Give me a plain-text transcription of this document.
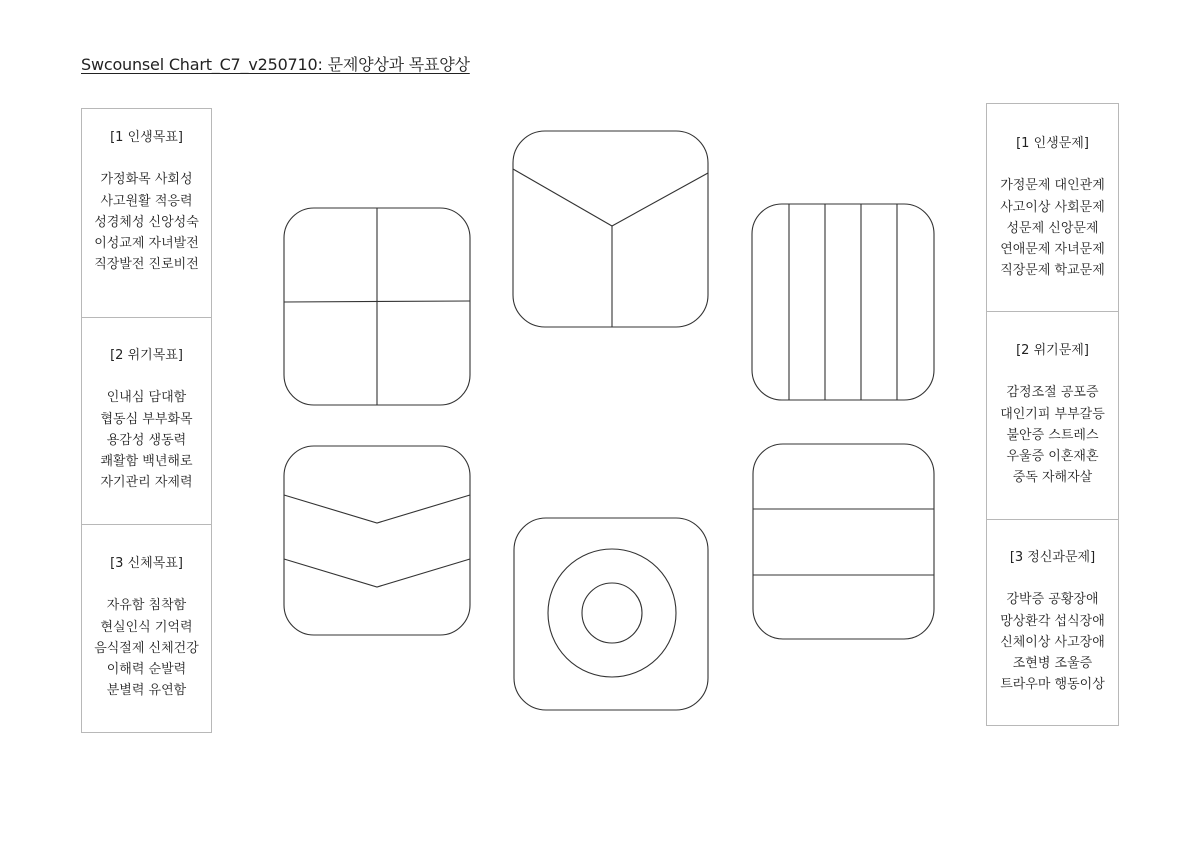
Swcounsel Chart_C7_v250710: 문제양상과 목표양상
[1 인생목표]
가정화목 사회성
사고원활 적응력
성경체성 신앙성숙
이성교제 자녀발전
직장발전 진로비전
[2 위기목표]
인내심 담대함
협동심 부부화목
용감성 생동력
쾌활함 백년해로
자기관리 자제력
[3 신체목표]
자유함 침착함
현실인식 기억력
음식절제 신체건강
이해력 순발력
분별력 유연함
[1 인생문제]
가정문제 대인관계
사고이상 사회문제
성문제 신앙문제
연애문제 자녀문제
직장문제 학교문제
[2 위기문제]
감정조절 공포증
대인기피 부부갈등
불안증 스트레스
우울증 이혼재혼
중독 자해자살
[3 정신과문제]
강박증 공황장애
망상환각 섭식장애
신체이상 사고장애
조현병 조울증
트라우마 행동이상
